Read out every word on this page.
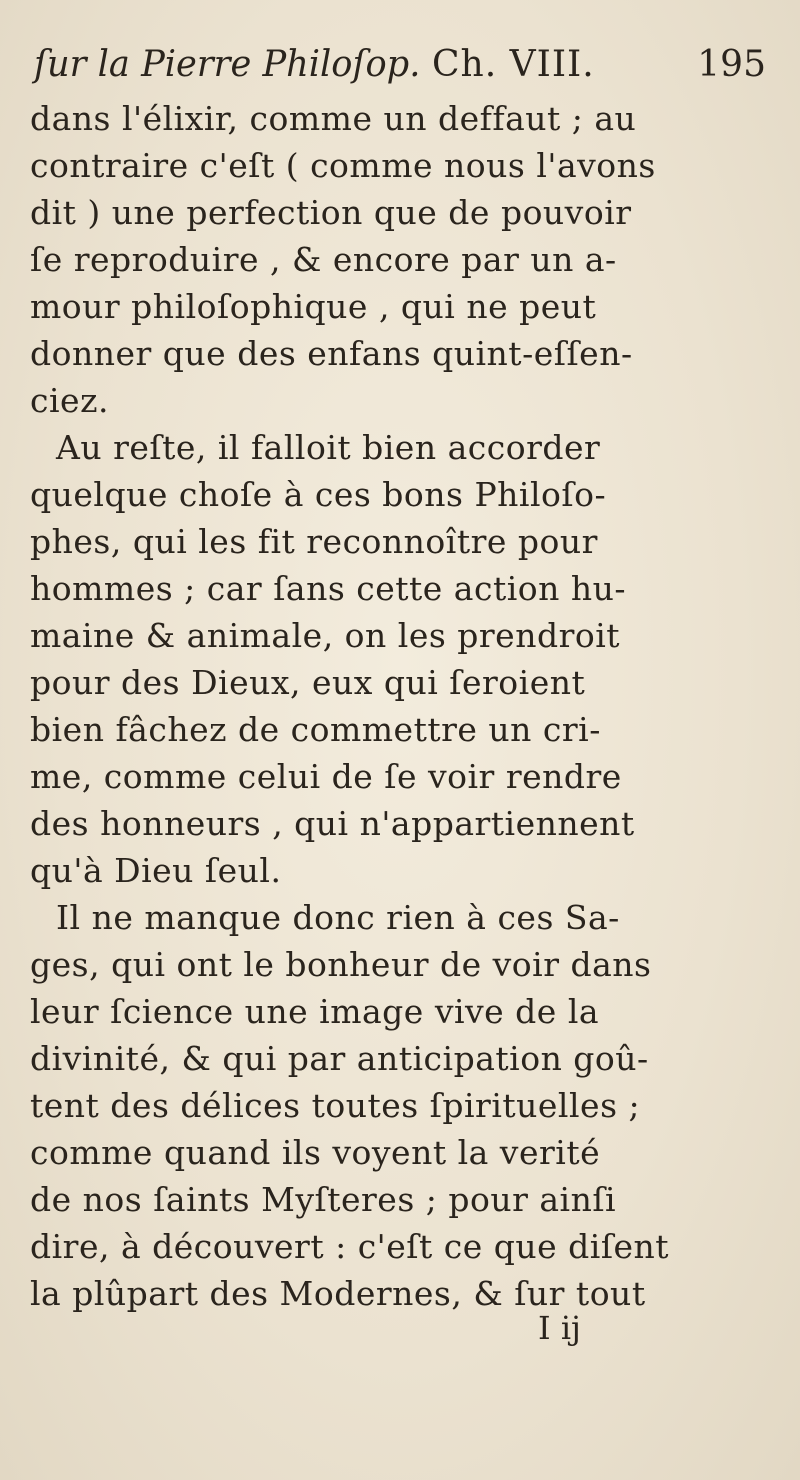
ſur la Pierre Philoſop. Ch. VIII.	195
dans l'élixir, comme un deffaut ; au
contraire c'eſt ( comme nous l'avons
dit ) une perfection que de pouvoir
ſe reproduire , & encore par un a-
mour philoſophique , qui ne peut
donner que des enfans quint-eſſen-
ciez.
Au reſte, il falloit bien accorder
quelque choſe à ces bons Philoſo-
phes, qui les fit reconnoître pour
hommes ; car ſans cette action hu-
maine & animale, on les prendroit
pour des Dieux, eux qui ſeroient
bien fâchez de commettre un cri-
me, comme celui de ſe voir rendre
des honneurs , qui n'appartiennent
qu'à Dieu ſeul.
Il ne manque donc rien à ces Sa-
ges, qui ont le bonheur de voir dans
leur ſcience une image vive de la
divinité, & qui par anticipation goû-
tent des délices toutes ſpirituelles ;
comme quand ils voyent la verité
de nos ſaints Myſteres ; pour ainſi
dire, à découvert : c'eſt ce que diſent
la plûpart des Modernes, & ſur tout
I ij
